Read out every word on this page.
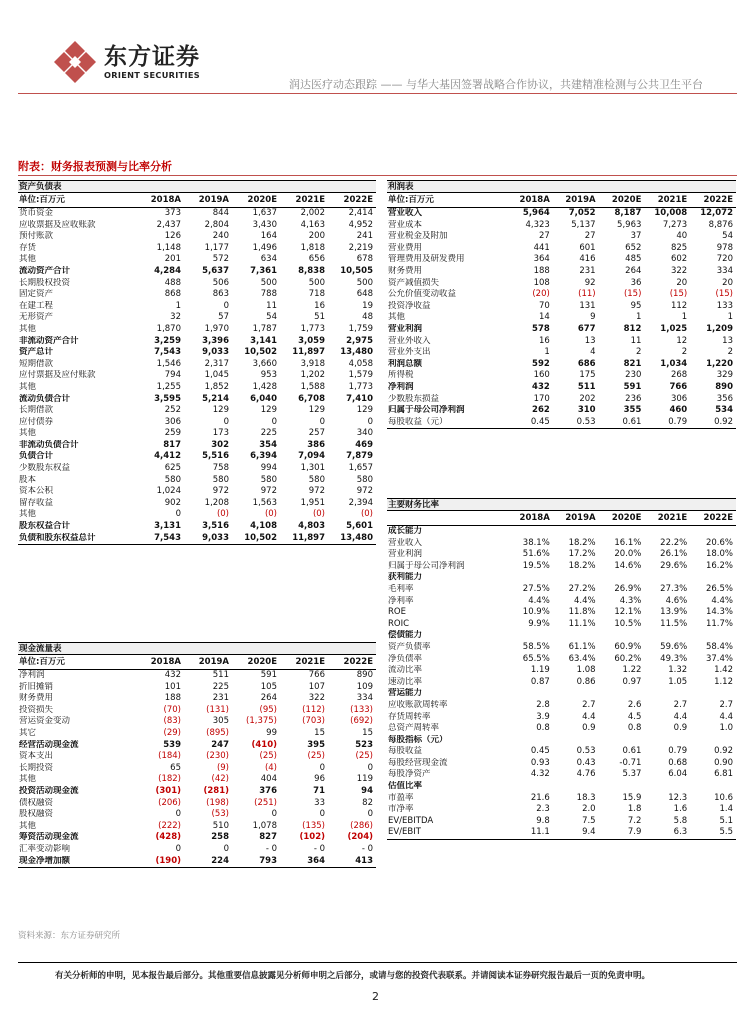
东方证券
ORIENT SECURITIES
润达医疗动态跟踪 —— 与华大基因签署战略合作协议，共建精准检测与公共卫生平台
附表：财务报表预测与比率分析
资产负债表
单位:百万元	2018A	2019A	2020E	2021E	2022E
货币资金	373	844	1,637	2,002	2,414
应收票据及应收账款	2,437	2,804	3,430	4,163	4,952
预付账款	126	240	164	200	241
存货	1,148	1,177	1,496	1,818	2,219
其他	201	572	634	656	678
流动资产合计	4,284	5,637	7,361	8,838	10,505
长期股权投资	488	506	500	500	500
固定资产	868	863	788	718	648
在建工程	1	0	11	16	19
无形资产	32	57	54	51	48
其他	1,870	1,970	1,787	1,773	1,759
非流动资产合计	3,259	3,396	3,141	3,059	2,975
资产总计	7,543	9,033	10,502	11,897	13,480
短期借款	1,546	2,317	3,660	3,918	4,058
应付票据及应付账款	794	1,045	953	1,202	1,579
其他	1,255	1,852	1,428	1,588	1,773
流动负债合计	3,595	5,214	6,040	6,708	7,410
长期借款	252	129	129	129	129
应付债券	306	0	0	0	0
其他	259	173	225	257	340
非流动负债合计	817	302	354	386	469
负债合计	4,412	5,516	6,394	7,094	7,879
少数股东权益	625	758	994	1,301	1,657
股本	580	580	580	580	580
资本公积	1,024	972	972	972	972
留存收益	902	1,208	1,563	1,951	2,394
其他	0	(0)	(0)	(0)	(0)
股东权益合计	3,131	3,516	4,108	4,803	5,601
负债和股东权益总计	7,543	9,033	10,502	11,897	13,480
现金流量表
单位:百万元	2018A	2019A	2020E	2021E	2022E
净利润	432	511	591	766	890
折旧摊销	101	225	105	107	109
财务费用	188	231	264	322	334
投资损失	(70)	(131)	(95)	(112)	(133)
营运资金变动	(83)	305	(1,375)	(703)	(692)
其它	(29)	(895)	99	15	15
经营活动现金流	539	247	(410)	395	523
资本支出	(184)	(230)	(25)	(25)	(25)
长期投资	65	(9)	(4)	0	0
其他	(182)	(42)	404	96	119
投资活动现金流	(301)	(281)	376	71	94
债权融资	(206)	(198)	(251)	33	82
股权融资	0	(53)	0	0	0
其他	(222)	510	1,078	(135)	(286)
筹资活动现金流	(428)	258	827	(102)	(204)
汇率变动影响	0	0	- 0	- 0	- 0
现金净增加额	(190)	224	793	364	413
利润表
单位:百万元	2018A	2019A	2020E	2021E	2022E
营业收入	5,964	7,052	8,187	10,008	12,072
营业成本	4,323	5,137	5,963	7,273	8,876
营业税金及附加	27	27	37	40	54
营业费用	441	601	652	825	978
管理费用及研发费用	364	416	485	602	720
财务费用	188	231	264	322	334
资产减值损失	108	92	36	20	20
公允价值变动收益	(20)	(11)	(15)	(15)	(15)
投资净收益	70	131	95	112	133
其他	14	9	1	1	1
营业利润	578	677	812	1,025	1,209
营业外收入	16	13	11	12	13
营业外支出	1	4	2	2	2
利润总额	592	686	821	1,034	1,220
所得税	160	175	230	268	329
净利润	432	511	591	766	890
少数股东损益	170	202	236	306	356
归属于母公司净利润	262	310	355	460	534
每股收益（元）	0.45	0.53	0.61	0.79	0.92
主要财务比率
	2018A	2019A	2020E	2021E	2022E
成长能力					
营业收入	38.1%	18.2%	16.1%	22.2%	20.6%
营业利润	51.6%	17.2%	20.0%	26.1%	18.0%
归属于母公司净利润	19.5%	18.2%	14.6%	29.6%	16.2%
获利能力					
毛利率	27.5%	27.2%	26.9%	27.3%	26.5%
净利率	4.4%	4.4%	4.3%	4.6%	4.4%
ROE	10.9%	11.8%	12.1%	13.9%	14.3%
ROIC	9.9%	11.1%	10.5%	11.5%	11.7%
偿债能力					
资产负债率	58.5%	61.1%	60.9%	59.6%	58.4%
净负债率	65.5%	63.4%	60.2%	49.3%	37.4%
流动比率	1.19	1.08	1.22	1.32	1.42
速动比率	0.87	0.86	0.97	1.05	1.12
营运能力					
应收账款周转率	2.8	2.7	2.6	2.7	2.7
存货周转率	3.9	4.4	4.5	4.4	4.4
总资产周转率	0.8	0.9	0.8	0.9	1.0
每股指标（元）					
每股收益	0.45	0.53	0.61	0.79	0.92
每股经营现金流	0.93	0.43	-0.71	0.68	0.90
每股净资产	4.32	4.76	5.37	6.04	6.81
估值比率					
市盈率	21.6	18.3	15.9	12.3	10.6
市净率	2.3	2.0	1.8	1.6	1.4
EV/EBITDA	9.8	7.5	7.2	5.8	5.1
EV/EBIT	11.1	9.4	7.9	6.3	5.5
资料来源：东方证券研究所
有关分析师的申明，见本报告最后部分。其他重要信息披露见分析师申明之后部分，或请与您的投资代表联系。并请阅读本证券研究报告最后一页的免责申明。
2
